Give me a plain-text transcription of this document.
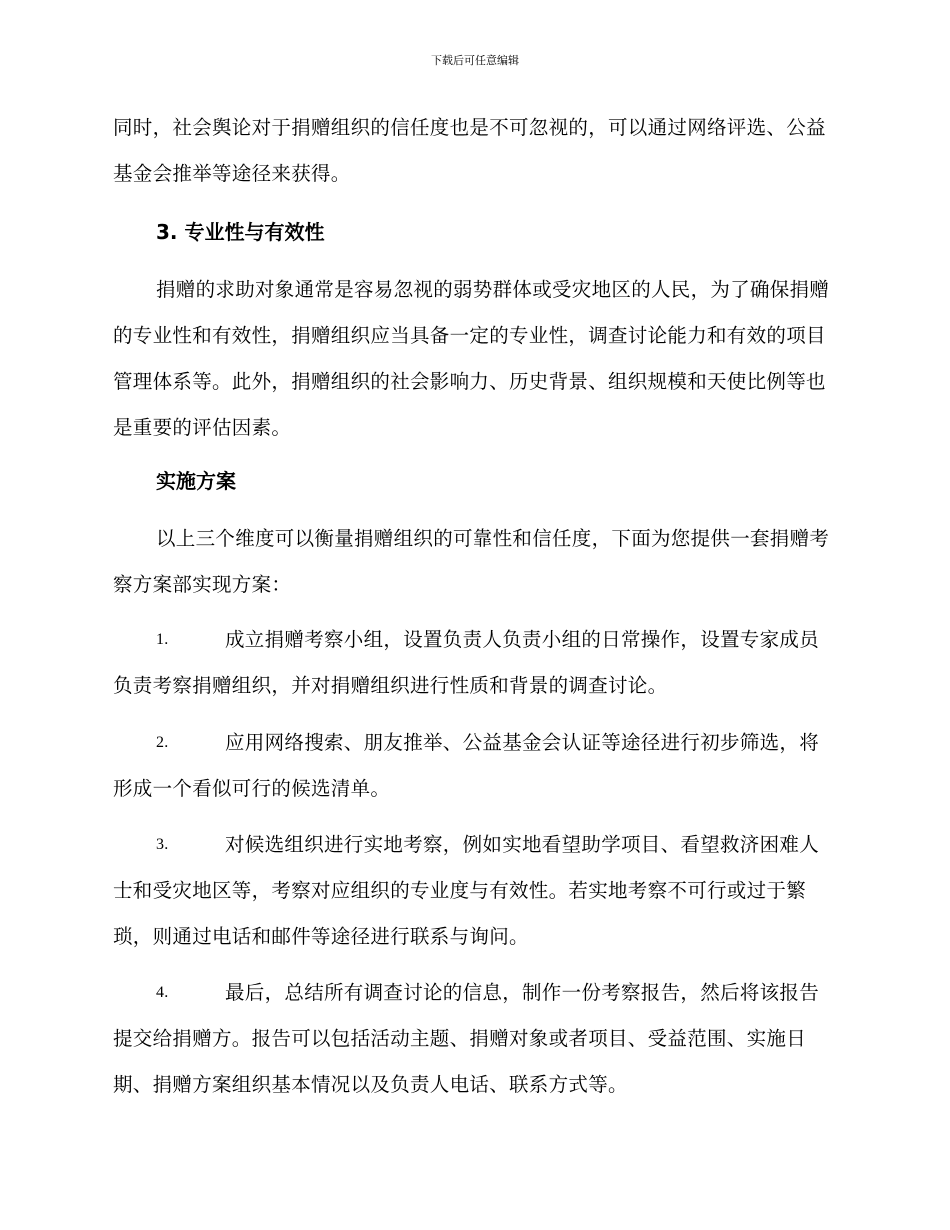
下载后可任意编辑

同时，社会舆论对于捐赠组织的信任度也是不可忽视的，可以通过网络评选、公益基金会推举等途径来获得。

3. 专业性与有效性

捐赠的求助对象通常是容易忽视的弱势群体或受灾地区的人民，为了确保捐赠的专业性和有效性，捐赠组织应当具备一定的专业性，调查讨论能力和有效的项目管理体系等。此外，捐赠组织的社会影响力、历史背景、组织规模和天使比例等也是重要的评估因素。

实施方案

以上三个维度可以衡量捐赠组织的可靠性和信任度，下面为您提供一套捐赠考察方案部实现方案：

1.	成立捐赠考察小组，设置负责人负责小组的日常操作，设置专家成员负责考察捐赠组织，并对捐赠组织进行性质和背景的调查讨论。

2.	应用网络搜索、朋友推举、公益基金会认证等途径进行初步筛选，将形成一个看似可行的候选清单。

3.	对候选组织进行实地考察，例如实地看望助学项目、看望救济困难人士和受灾地区等，考察对应组织的专业度与有效性。若实地考察不可行或过于繁琐，则通过电话和邮件等途径进行联系与询问。

4.	最后，总结所有调查讨论的信息，制作一份考察报告，然后将该报告提交给捐赠方。报告可以包括活动主题、捐赠对象或者项目、受益范围、实施日期、捐赠方案组织基本情况以及负责人电话、联系方式等。
